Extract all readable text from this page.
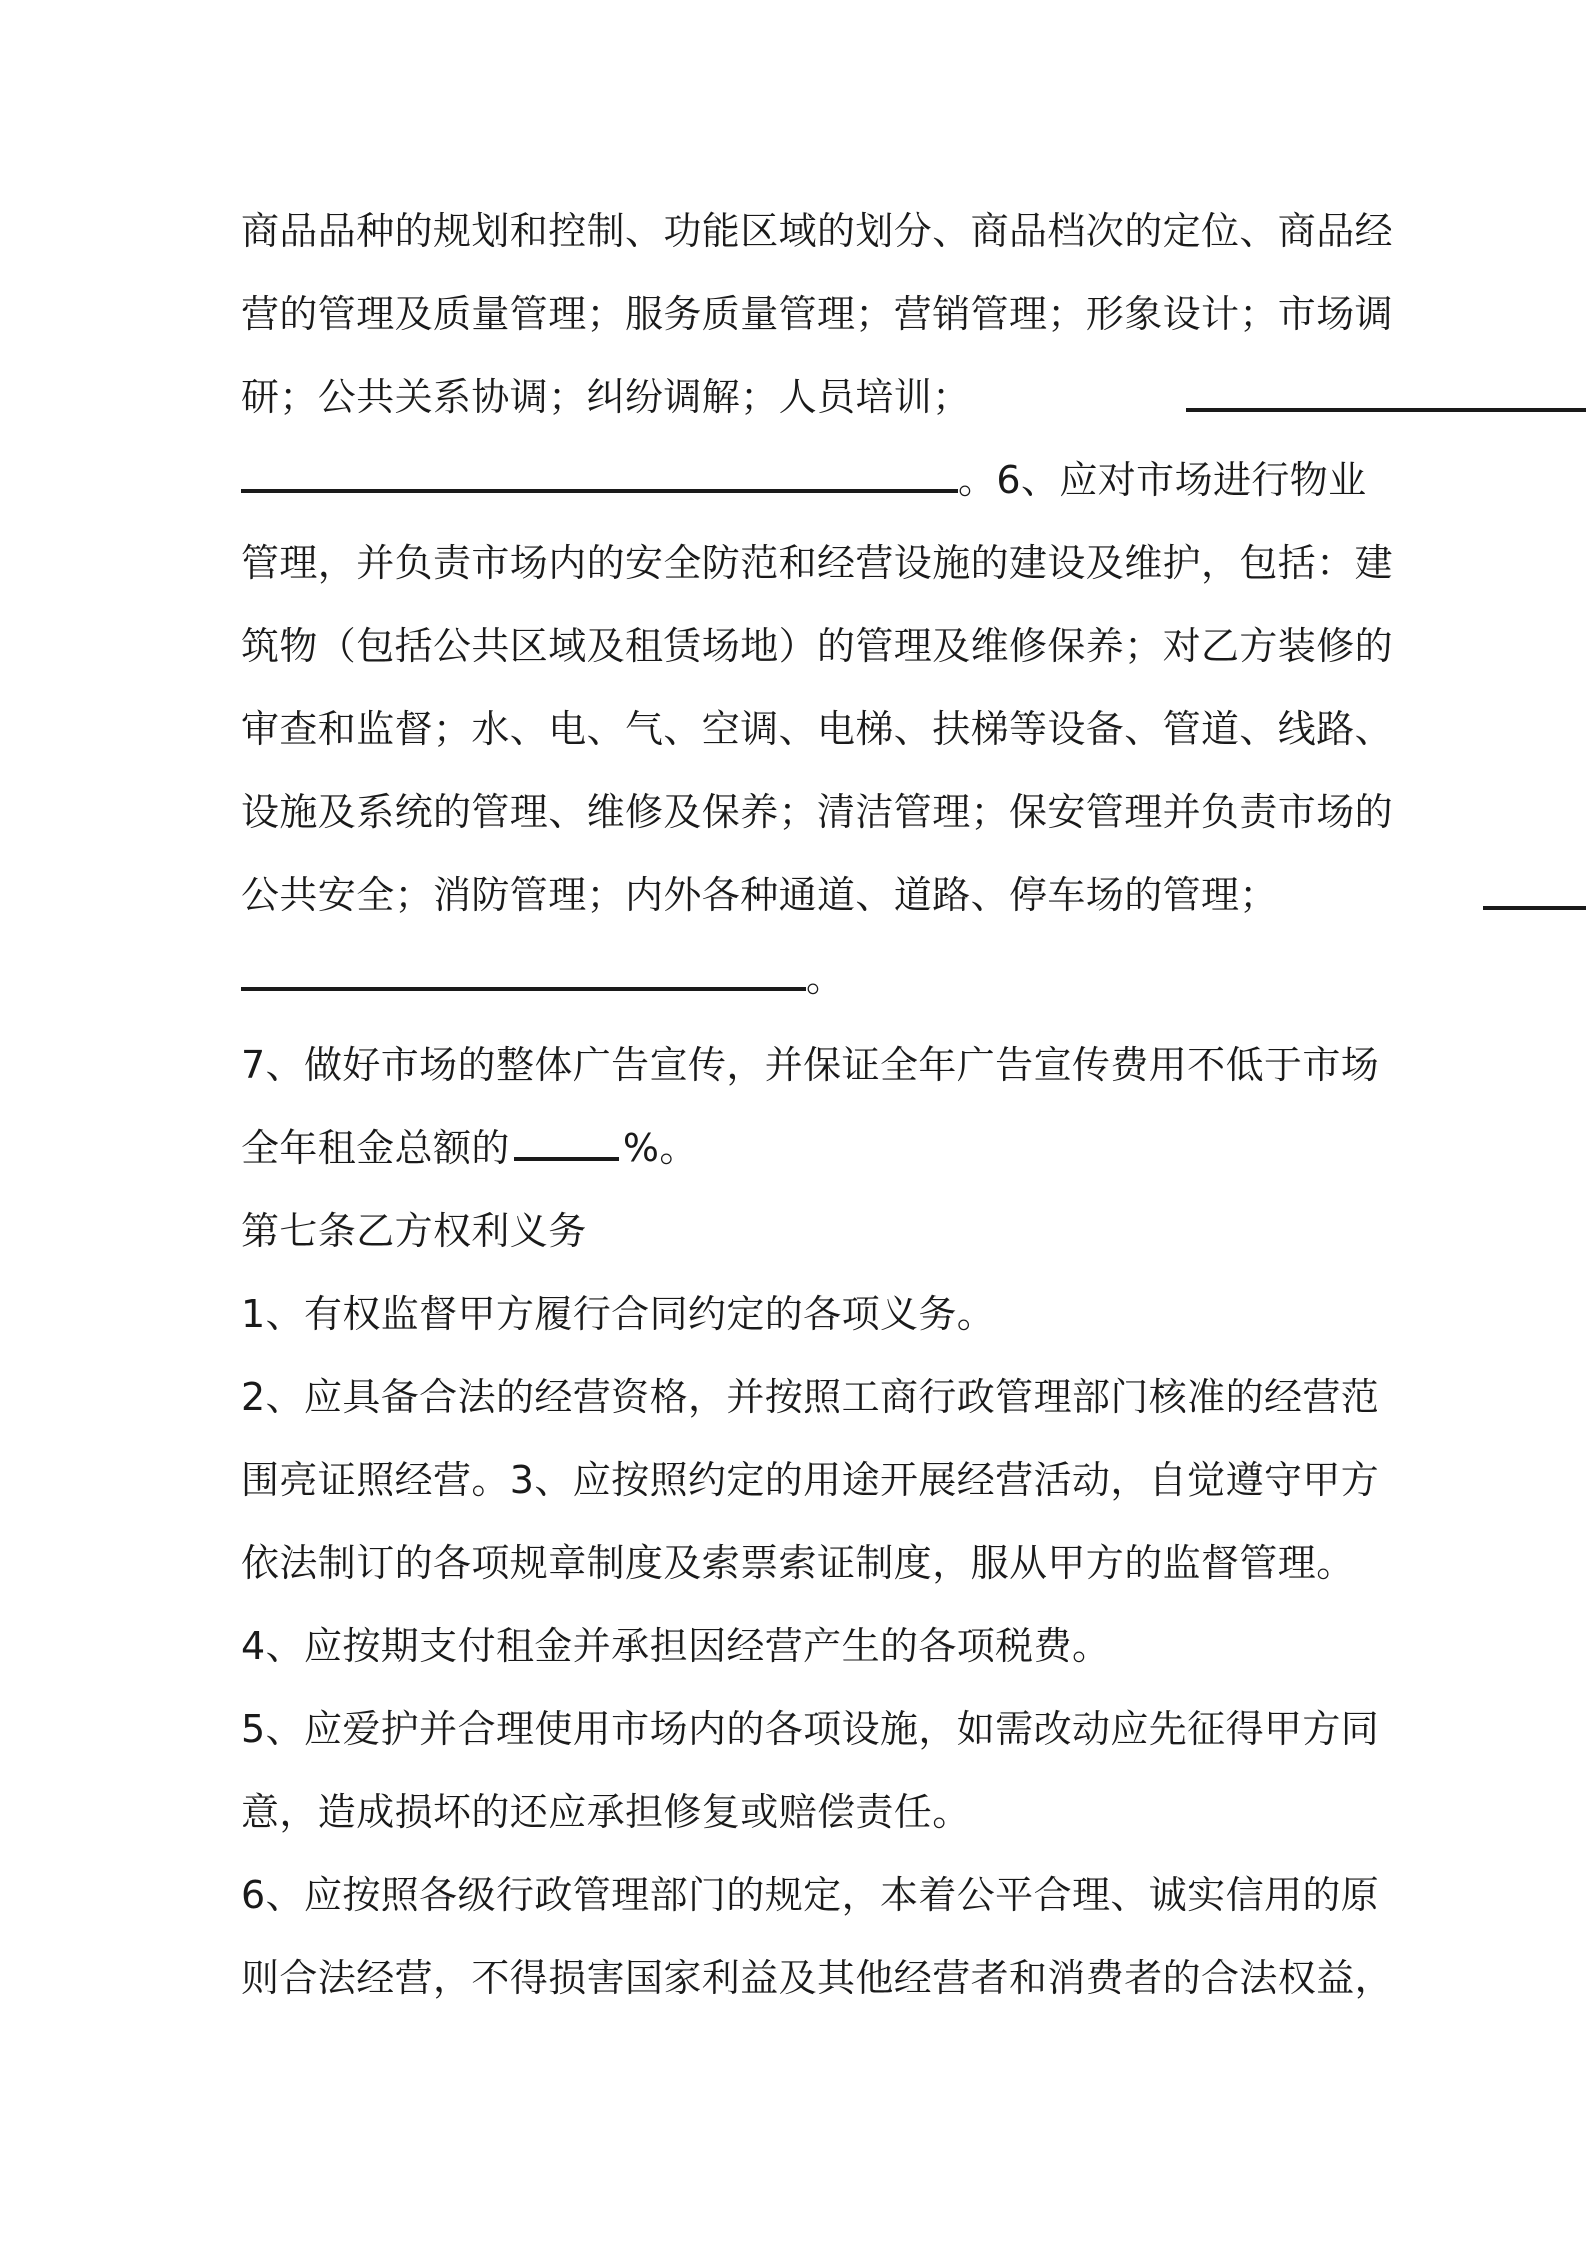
商品品种的规划和控制、功能区域的划分、商品档次的定位、商品经
营的管理及质量管理；服务质量管理；营销管理；形象设计；市场调
研；公共关系协调；纠纷调解；人员培训；
。6、应对市场进行物业
管理，并负责市场内的安全防范和经营设施的建设及维护，包括：建
筑物（包括公共区域及租赁场地）的管理及维修保养；对乙方装修的
审查和监督；水、电、气、空调、电梯、扶梯等设备、管道、线路、
设施及系统的管理、维修及保养；清洁管理；保安管理并负责市场的
公共安全；消防管理；内外各种通道、道路、停车场的管理；
。
7、做好市场的整体广告宣传，并保证全年广告宣传费用不低于市场
全年租金总额的	%。
第七条乙方权利义务
1、有权监督甲方履行合同约定的各项义务。
2、应具备合法的经营资格，并按照工商行政管理部门核准的经营范
围亮证照经营。3、应按照约定的用途开展经营活动，自觉遵守甲方
依法制订的各项规章制度及索票索证制度，服从甲方的监督管理。
4、应按期支付租金并承担因经营产生的各项税费。
5、应爱护并合理使用市场内的各项设施，如需改动应先征得甲方同
意，造成损坏的还应承担修复或赔偿责任。
6、应按照各级行政管理部门的规定，本着公平合理、诚实信用的原
则合法经营，不得损害国家利益及其他经营者和消费者的合法权益，
